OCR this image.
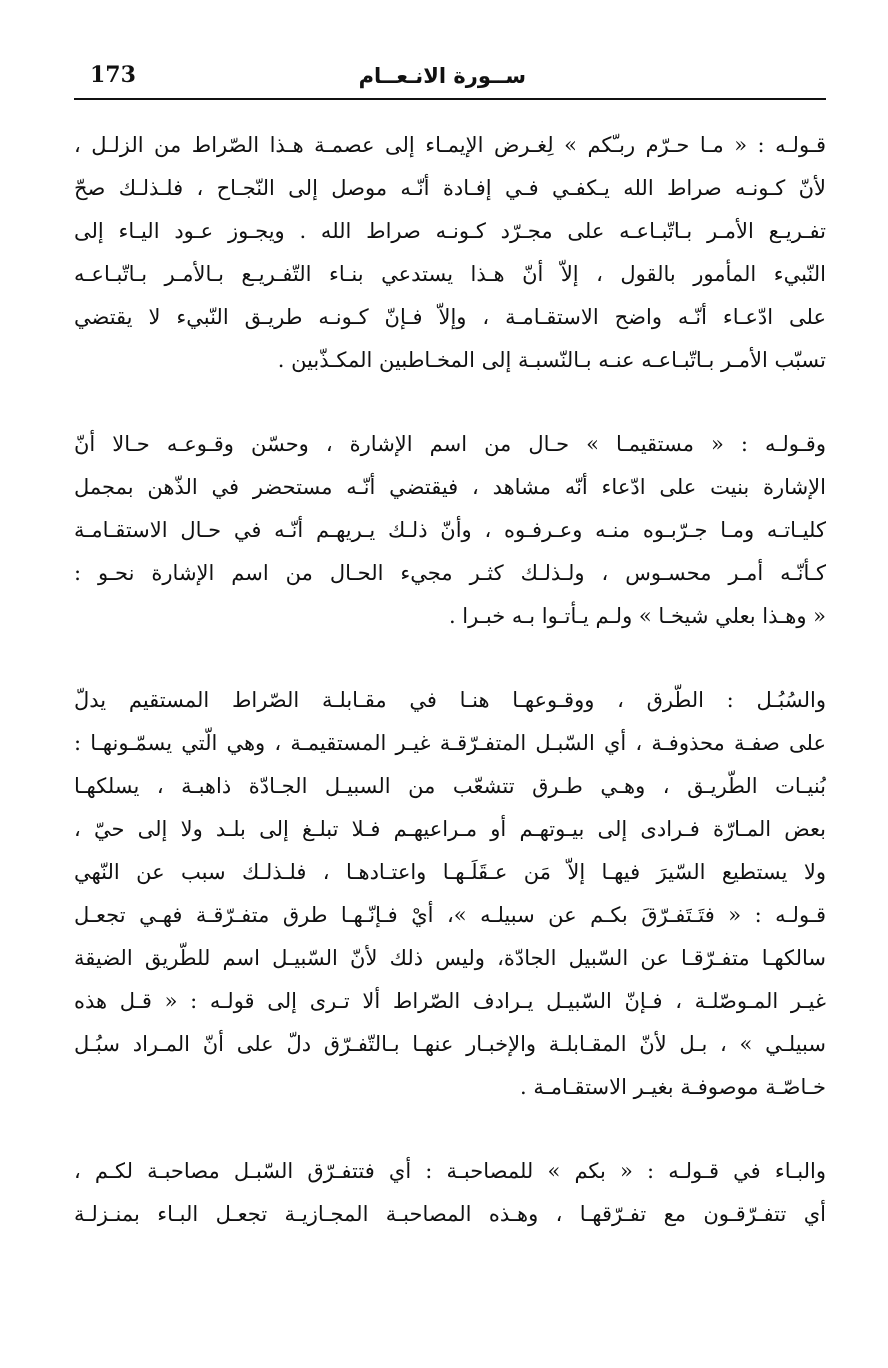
173	ســورة الانـعــام
قـولـه : « مـا حـرّم ربـّكم » لِغـرض الإيمـاء إلى عصمـة هـذا الصّراط من الزلـل ،
لأنّ كـونـه صراط الله يـكفـي فـي إفـادة أنّـه موصل إلى النّجـاح ، فلـذلـك صحّ
تفـريـع الأمـر بـاتّبـاعـه على مجـرّد كـونـه صراط الله . ويجـوز عـود اليـاء إلى
النّبيء المأمور بالقول ، إلاّ أنّ هـذا يستدعي بنـاء التّفـريـع بـالأمـر بـاتّبـاعـه
على ادّعـاء أنّـه واضح الاستقـامـة ، وإلاّ فـإنّ كـونـه طريـق النّبيء لا يقتضي
تسبّب الأمـر بـاتّبـاعـه عنـه بـالنّسبـة إلى المخـاطبين المكـذّبين .
وقـولـه : « مستقيمـا » حـال من اسم الإشارة ، وحسّن وقـوعـه حـالا أنّ
الإشارة بنيت على ادّعاء أنّه مشاهد ، فيقتضي أنّـه مستحضر في الذّهن بمجمل
كليـاتـه ومـا جـرّبـوه منـه وعـرفـوه ، وأنّ ذلـك يـريهـم أنّـه في حـال الاستقـامـة
كـأنّـه أمـر محسـوس ، ولـذلـك كثـر مجيء الحـال من اسم الإشارة نحـو :
« وهـذا بعلي شيخـا » ولـم يـأتـوا بـه خبـرا .
والسُبُـل : الطّرق ، ووقـوعهـا هنـا في مقـابلـة الصّراط المستقيم يدلّ
على صفـة محذوفـة ، أي السّبـل المتفـرّقـة غيـر المستقيمـة ، وهي الّتي يسمّـونهـا :
بُنيـات الطّريـق ، وهـي طـرق تتشعّب من السبيـل الجـادّة ذاهبـة ، يسلكهـا
بعض المـارّة فـرادى إلى بيـوتهـم أو مـراعيهـم فـلا تبلـغ إلى بلـد ولا إلى حيّ ،
ولا يستطيع السّيرَ فيهـا إلاّ مَن عـقَلَـهـا واعتـادهـا ، فلـذلـك سبب عن النّهي
قـولـه : « فتَـتَفـرّقَ بكـم عن سبيلـه »، أيْ فـإنّـهـا طرق متفـرّقـة فهـي تجعـل
سالكهـا متفـرّقـا عن السّبيل الجادّة، وليس ذلك لأنّ السّبيـل اسم للطّريق الضيقة
غيـر المـوصّلـة ، فـإنّ السّبيـل يـرادف الصّراط ألا تـرى إلى قولـه : « قـل هذه
سبيلـي » ، بـل لأنّ المقـابلـة والإخبـار عنهـا بـالتّفـرّق دلّ على أنّ المـراد سبُـل
خـاصّـة موصوفـة بغيـر الاستقـامـة .
والبـاء في قـولـه : « بكم » للمصاحبـة : أي فتتفـرّق السّبـل مصاحبـة لكـم ،
أي تتفـرّقـون مع تفـرّقهـا ، وهـذه المصاحبـة المجـازيـة تجعـل البـاء بمنـزلـة
